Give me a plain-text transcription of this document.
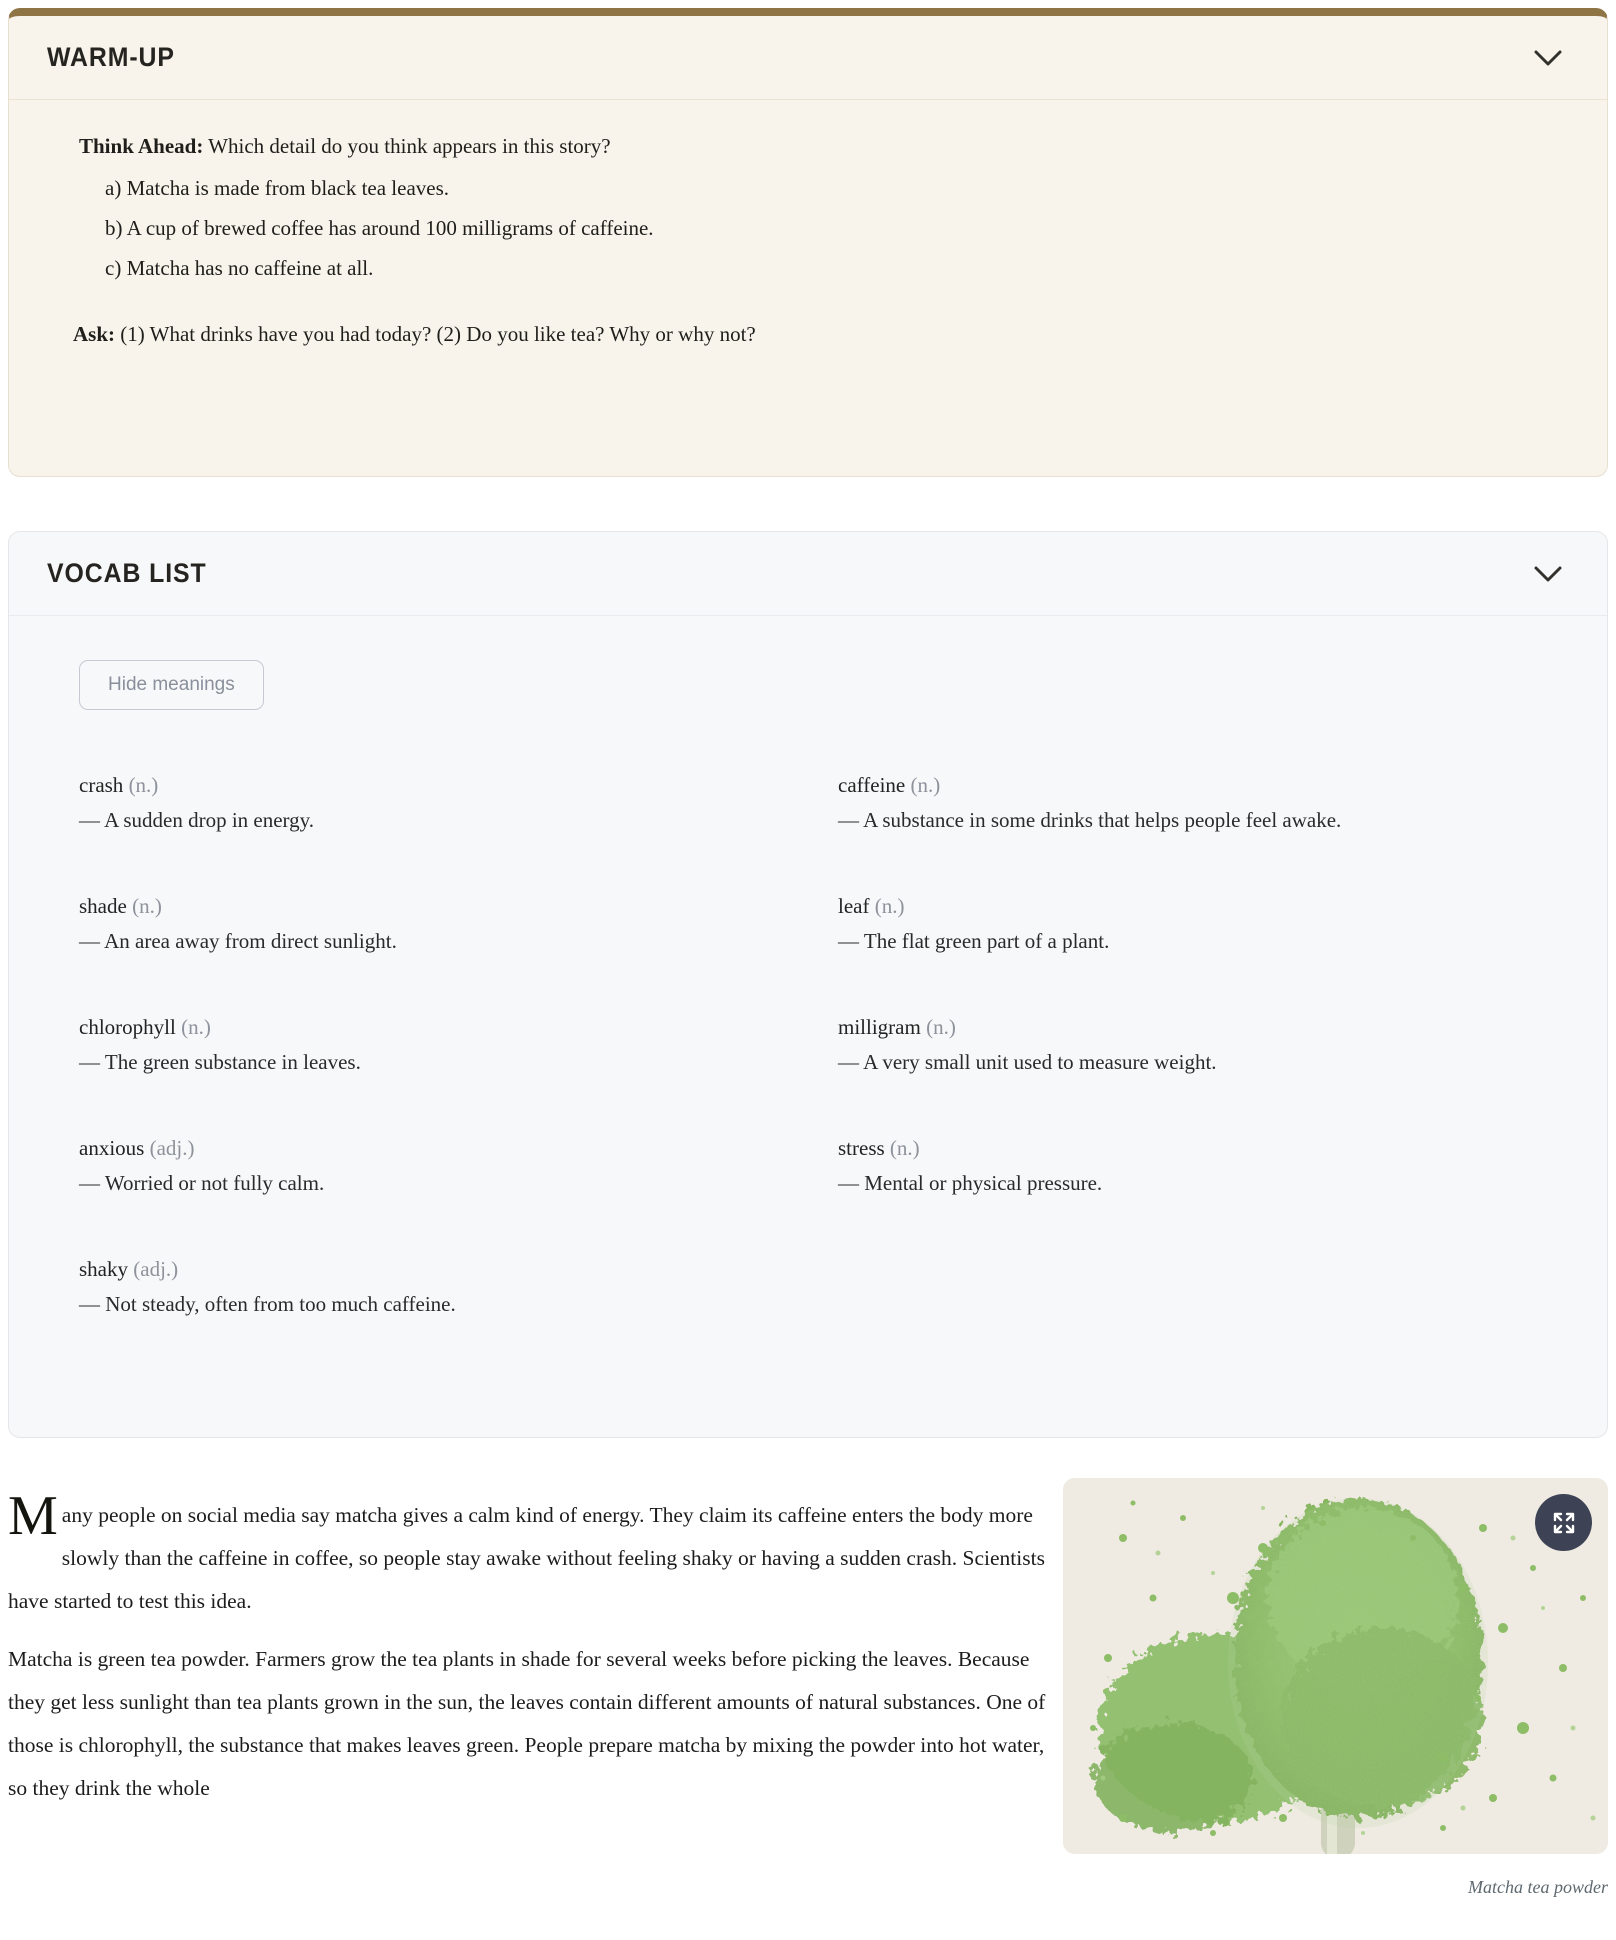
WARM-UP

Think Ahead: Which detail do you think appears in this story?

a) Matcha is made from black tea leaves.
b) A cup of brewed coffee has around 100 milligrams of caffeine.
c) Matcha has no caffeine at all.

Ask: (1) What drinks have you had today? (2) Do you like tea? Why or why not?

VOCAB LIST
Hide meanings
crash (n.)
— A sudden drop in energy.
caffeine (n.)
— A substance in some drinks that helps people feel awake.
shade (n.)
— An area away from direct sunlight.
leaf (n.)
— The flat green part of a plant.
chlorophyll (n.)
— The green substance in leaves.
milligram (n.)
— A very small unit used to measure weight.
anxious (adj.)
— Worried or not fully calm.
stress (n.)
— Mental or physical pressure.
shaky (adj.)
— Not steady, often from too much caffeine.

Many people on social media say matcha gives a calm kind of energy. They claim its caffeine enters the body more slowly than the caffeine in coffee, so people stay awake without feeling shaky or having a sudden crash. Scientists have started to test this idea.

Matcha is green tea powder. Farmers grow the tea plants in shade for several weeks before picking the leaves. Because they get less sunlight than tea plants grown in the sun, the leaves contain different amounts of natural substances. One of those is chlorophyll, the substance that makes leaves green. People prepare matcha by mixing the powder into hot water, so they drink the whole

Matcha tea powder
